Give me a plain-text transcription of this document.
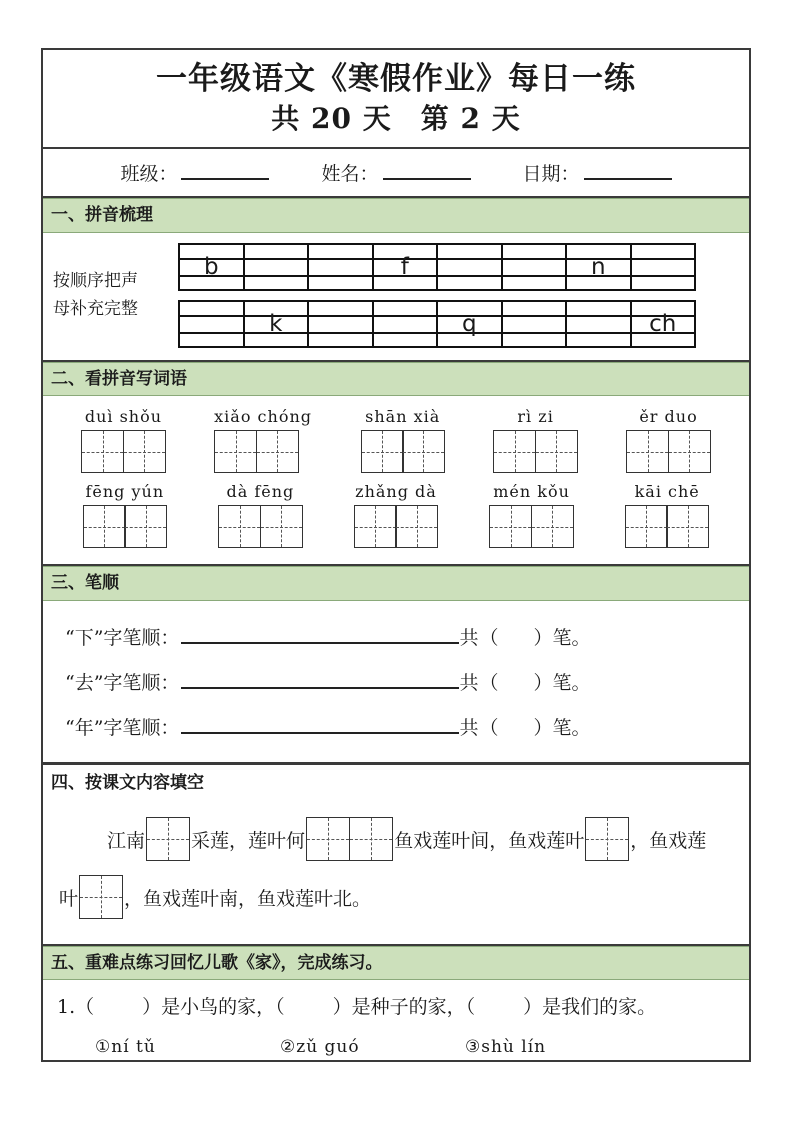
一年级语文《寒假作业》每日一练
共 20 天　第 2 天
班级：	姓名：	日期：
一、拼音梳理
按顺序把声
母补充完整
b			f			n

k			q			ch
二、看拼音写词语
duì shǒu	xiǎo chóng	shān xià	rì zi	ěr duo
fēng yún	dà fēng	zhǎng dà	mén kǒu	kāi chē
三、笔顺
“下”字笔顺：	共（ ）笔。
“去”字笔顺：	共（ ）笔。
“年”字笔顺：	共（ ）笔。
四、按课文内容填空
江南 采莲，莲叶何	鱼戏莲叶间，鱼戏莲叶 ，鱼戏莲
叶 ，鱼戏莲叶南，鱼戏莲叶北。
五、重难点练习回忆儿歌《家》，完成练习。
1.（	）是小鸟的家，（	）是种子的家，（	）是我们的家。
①ní tǔ	②zǔ guó	③shù lín
